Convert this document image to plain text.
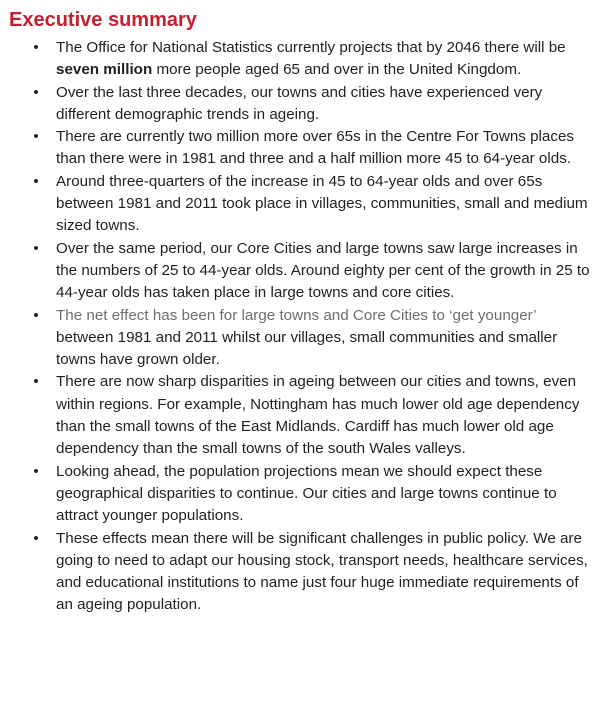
Executive summary
• The Office for National Statistics currently projects that by 2046 there will be seven million more people aged 65 and over in the United Kingdom.
• Over the last three decades, our towns and cities have experienced very different demographic trends in ageing.
• There are currently two million more over 65s in the Centre For Towns places than there were in 1981 and three and a half million more 45 to 64-year olds.
• Around three-quarters of the increase in 45 to 64-year olds and over 65s between 1981 and 2011 took place in villages, communities, small and medium sized towns.
• Over the same period, our Core Cities and large towns saw large increases in the numbers of 25 to 44-year olds. Around eighty per cent of the growth in 25 to 44-year olds has taken place in large towns and core cities.
• The net effect has been for large towns and Core Cities to ‘get younger’ between 1981 and 2011 whilst our villages, small communities and smaller towns have grown older.
• There are now sharp disparities in ageing between our cities and towns, even within regions. For example, Nottingham has much lower old age dependency than the small towns of the East Midlands. Cardiff has much lower old age dependency than the small towns of the south Wales valleys.
• Looking ahead, the population projections mean we should expect these geographical disparities to continue. Our cities and large towns continue to attract younger populations.
• These effects mean there will be significant challenges in public policy. We are going to need to adapt our housing stock, transport needs, healthcare services, and educational institutions to name just four huge immediate requirements of an ageing population.
